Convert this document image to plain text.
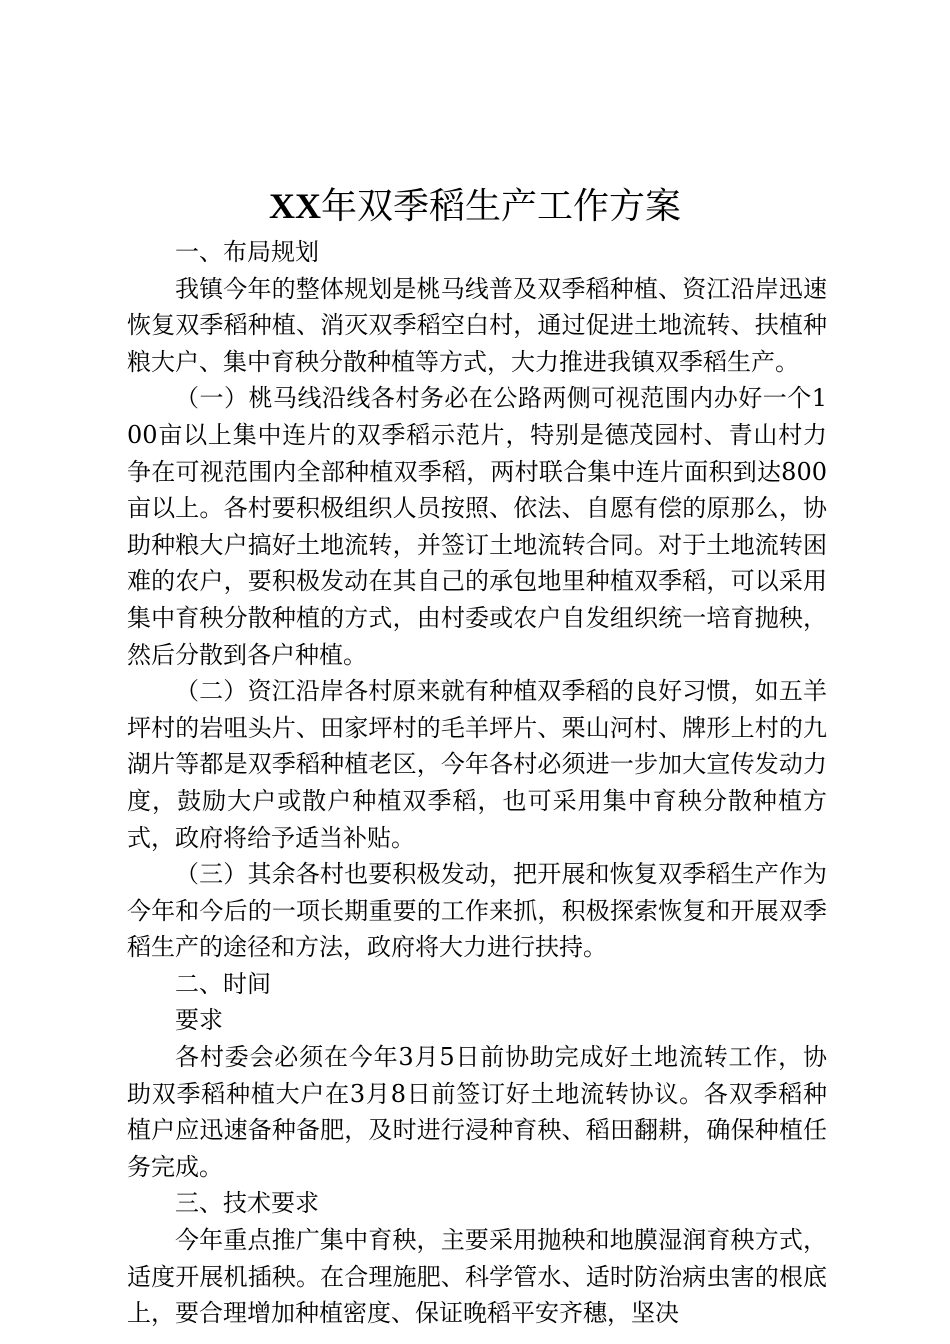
XX年双季稻生产工作方案

一、布局规划

我镇今年的整体规划是桃马线普及双季稻种植、资江沿岸迅速恢复双季稻种植、消灭双季稻空白村，通过促进土地流转、扶植种粮大户、集中育秧分散种植等方式，大力推进我镇双季稻生产。

（一）桃马线沿线各村务必在公路两侧可视范围内办好一个100亩以上集中连片的双季稻示范片，特别是德茂园村、青山村力争在可视范围内全部种植双季稻，两村联合集中连片面积到达800亩以上。各村要积极组织人员按照、依法、自愿有偿的原那么，协助种粮大户搞好土地流转，并签订土地流转合同。对于土地流转困难的农户，要积极发动在其自己的承包地里种植双季稻，可以采用集中育秧分散种植的方式，由村委或农户自发组织统一培育抛秧，然后分散到各户种植。

（二）资江沿岸各村原来就有种植双季稻的良好习惯，如五羊坪村的岩咀头片、田家坪村的毛羊坪片、栗山河村、牌形上村的九湖片等都是双季稻种植老区，今年各村必须进一步加大宣传发动力度，鼓励大户或散户种植双季稻，也可采用集中育秧分散种植方式，政府将给予适当补贴。

（三）其余各村也要积极发动，把开展和恢复双季稻生产作为今年和今后的一项长期重要的工作来抓，积极探索恢复和开展双季稻生产的途径和方法，政府将大力进行扶持。

二、时间

要求

各村委会必须在今年3月5日前协助完成好土地流转工作，协助双季稻种植大户在3月8日前签订好土地流转协议。各双季稻种植户应迅速备种备肥，及时进行浸种育秧、稻田翻耕，确保种植任务完成。

三、技术要求

今年重点推广集中育秧，主要采用抛秧和地膜湿润育秧方式，适度开展机插秧。在合理施肥、科学管水、适时防治病虫害的根底上，要合理增加种植密度、保证晚稻平安齐穗，坚决
